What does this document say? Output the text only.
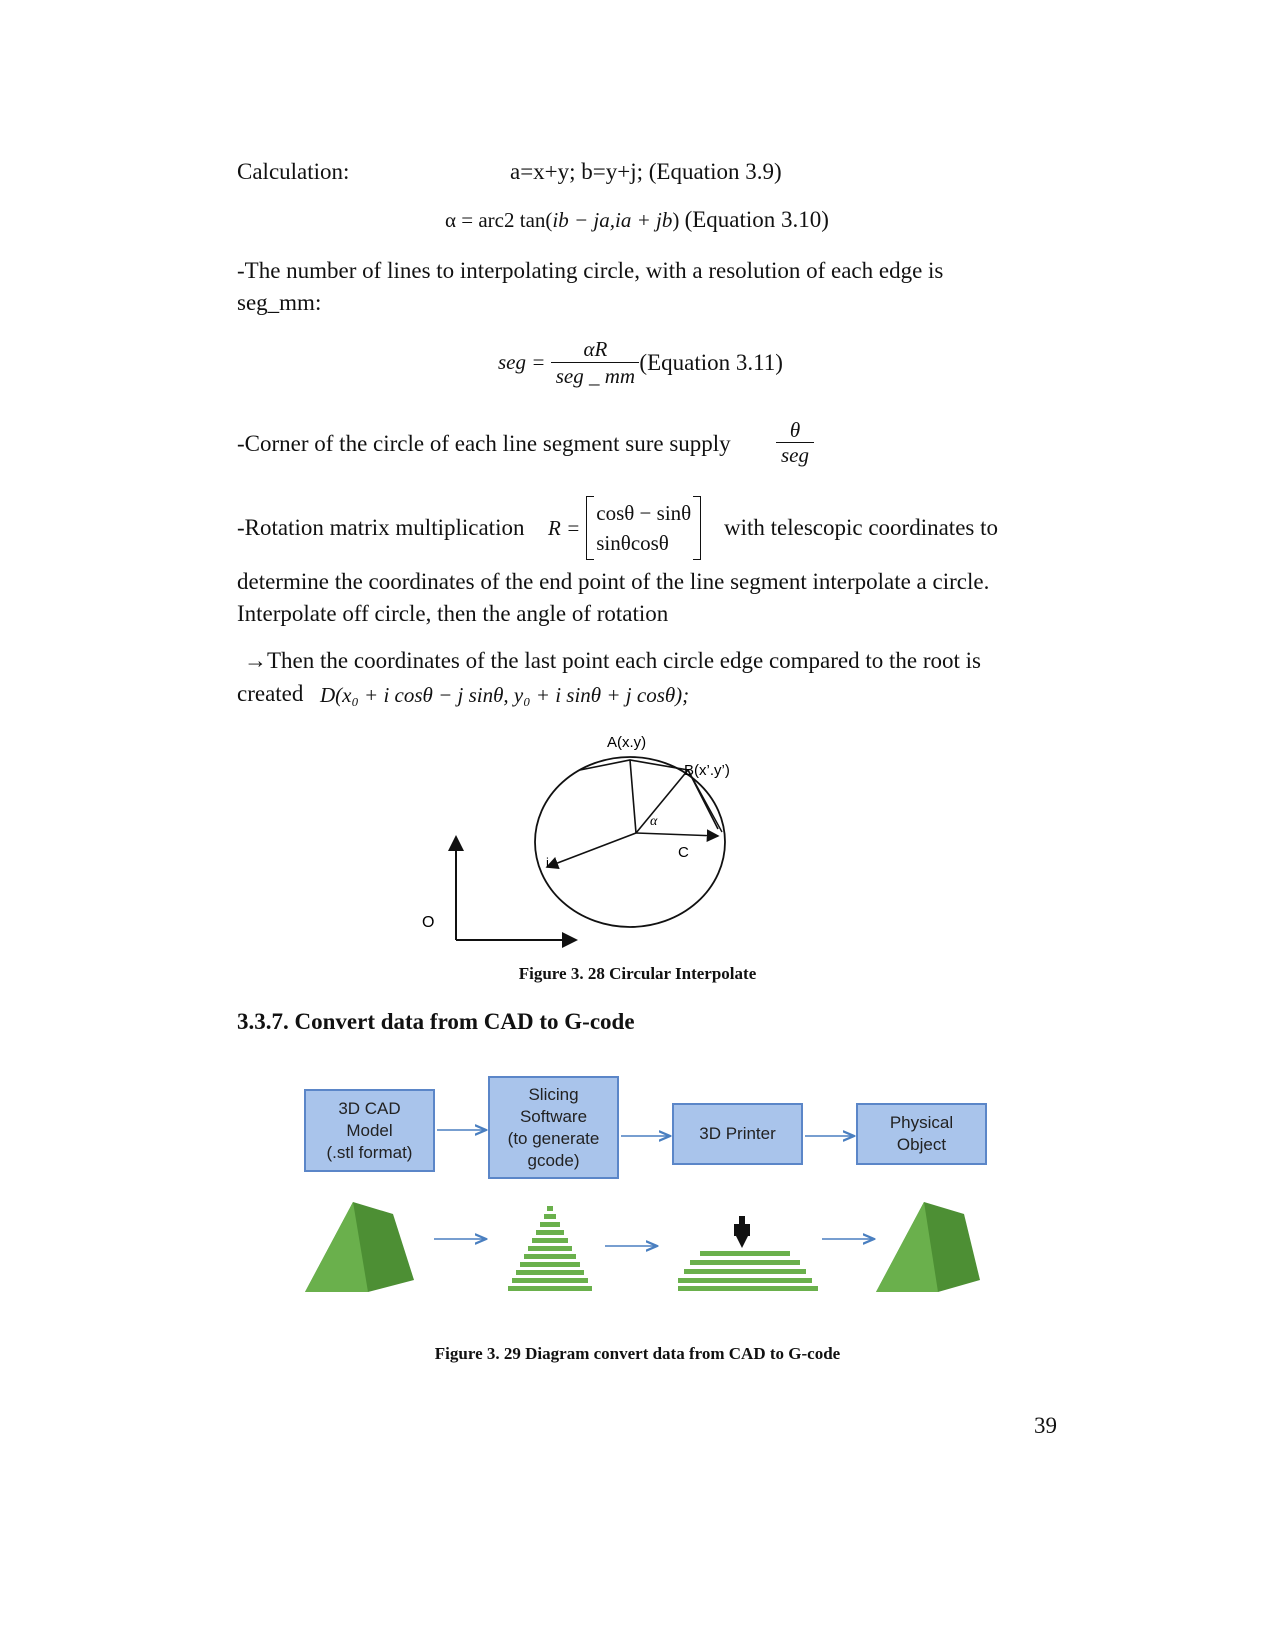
Calculation:	a=x+y; b=y+j; (Equation 3.9)
α = arc2 tan(ib − ja,ia + jb) (Equation 3.10)
-The number of lines to interpolating circle, with a resolution of each edge is
seg_mm:
seg = $\frac{\alpha R}{\text{seg \_ mm}}$ (Equation 3.11)
-Corner of the circle of each line segment sure supply $\frac{\theta}{\text{seg}}$
-Rotation matrix multiplication R =
cosθ − sinθ
sinθcosθ
with telescopic coordinates to
determine the coordinates of the end point of the line segment interpolate a circle.
Interpolate off circle, then the angle of rotation
→Then the coordinates of the last point each circle edge compared to the root is
created D(x₀ + i cosθ − j sinθ, y₀ + i sinθ + j cosθ);
A(x.y)
B(x’.y’)
α
C
i
O
Figure 3. 28 Circular Interpolate
3.3.7. Convert data from CAD to G-code
3D CAD
Model
(.stl format)
Slicing
Software
(to generate
gcode)
3D Printer
Physical
Object
Figure 3. 29 Diagram convert data from CAD to G-code
39
